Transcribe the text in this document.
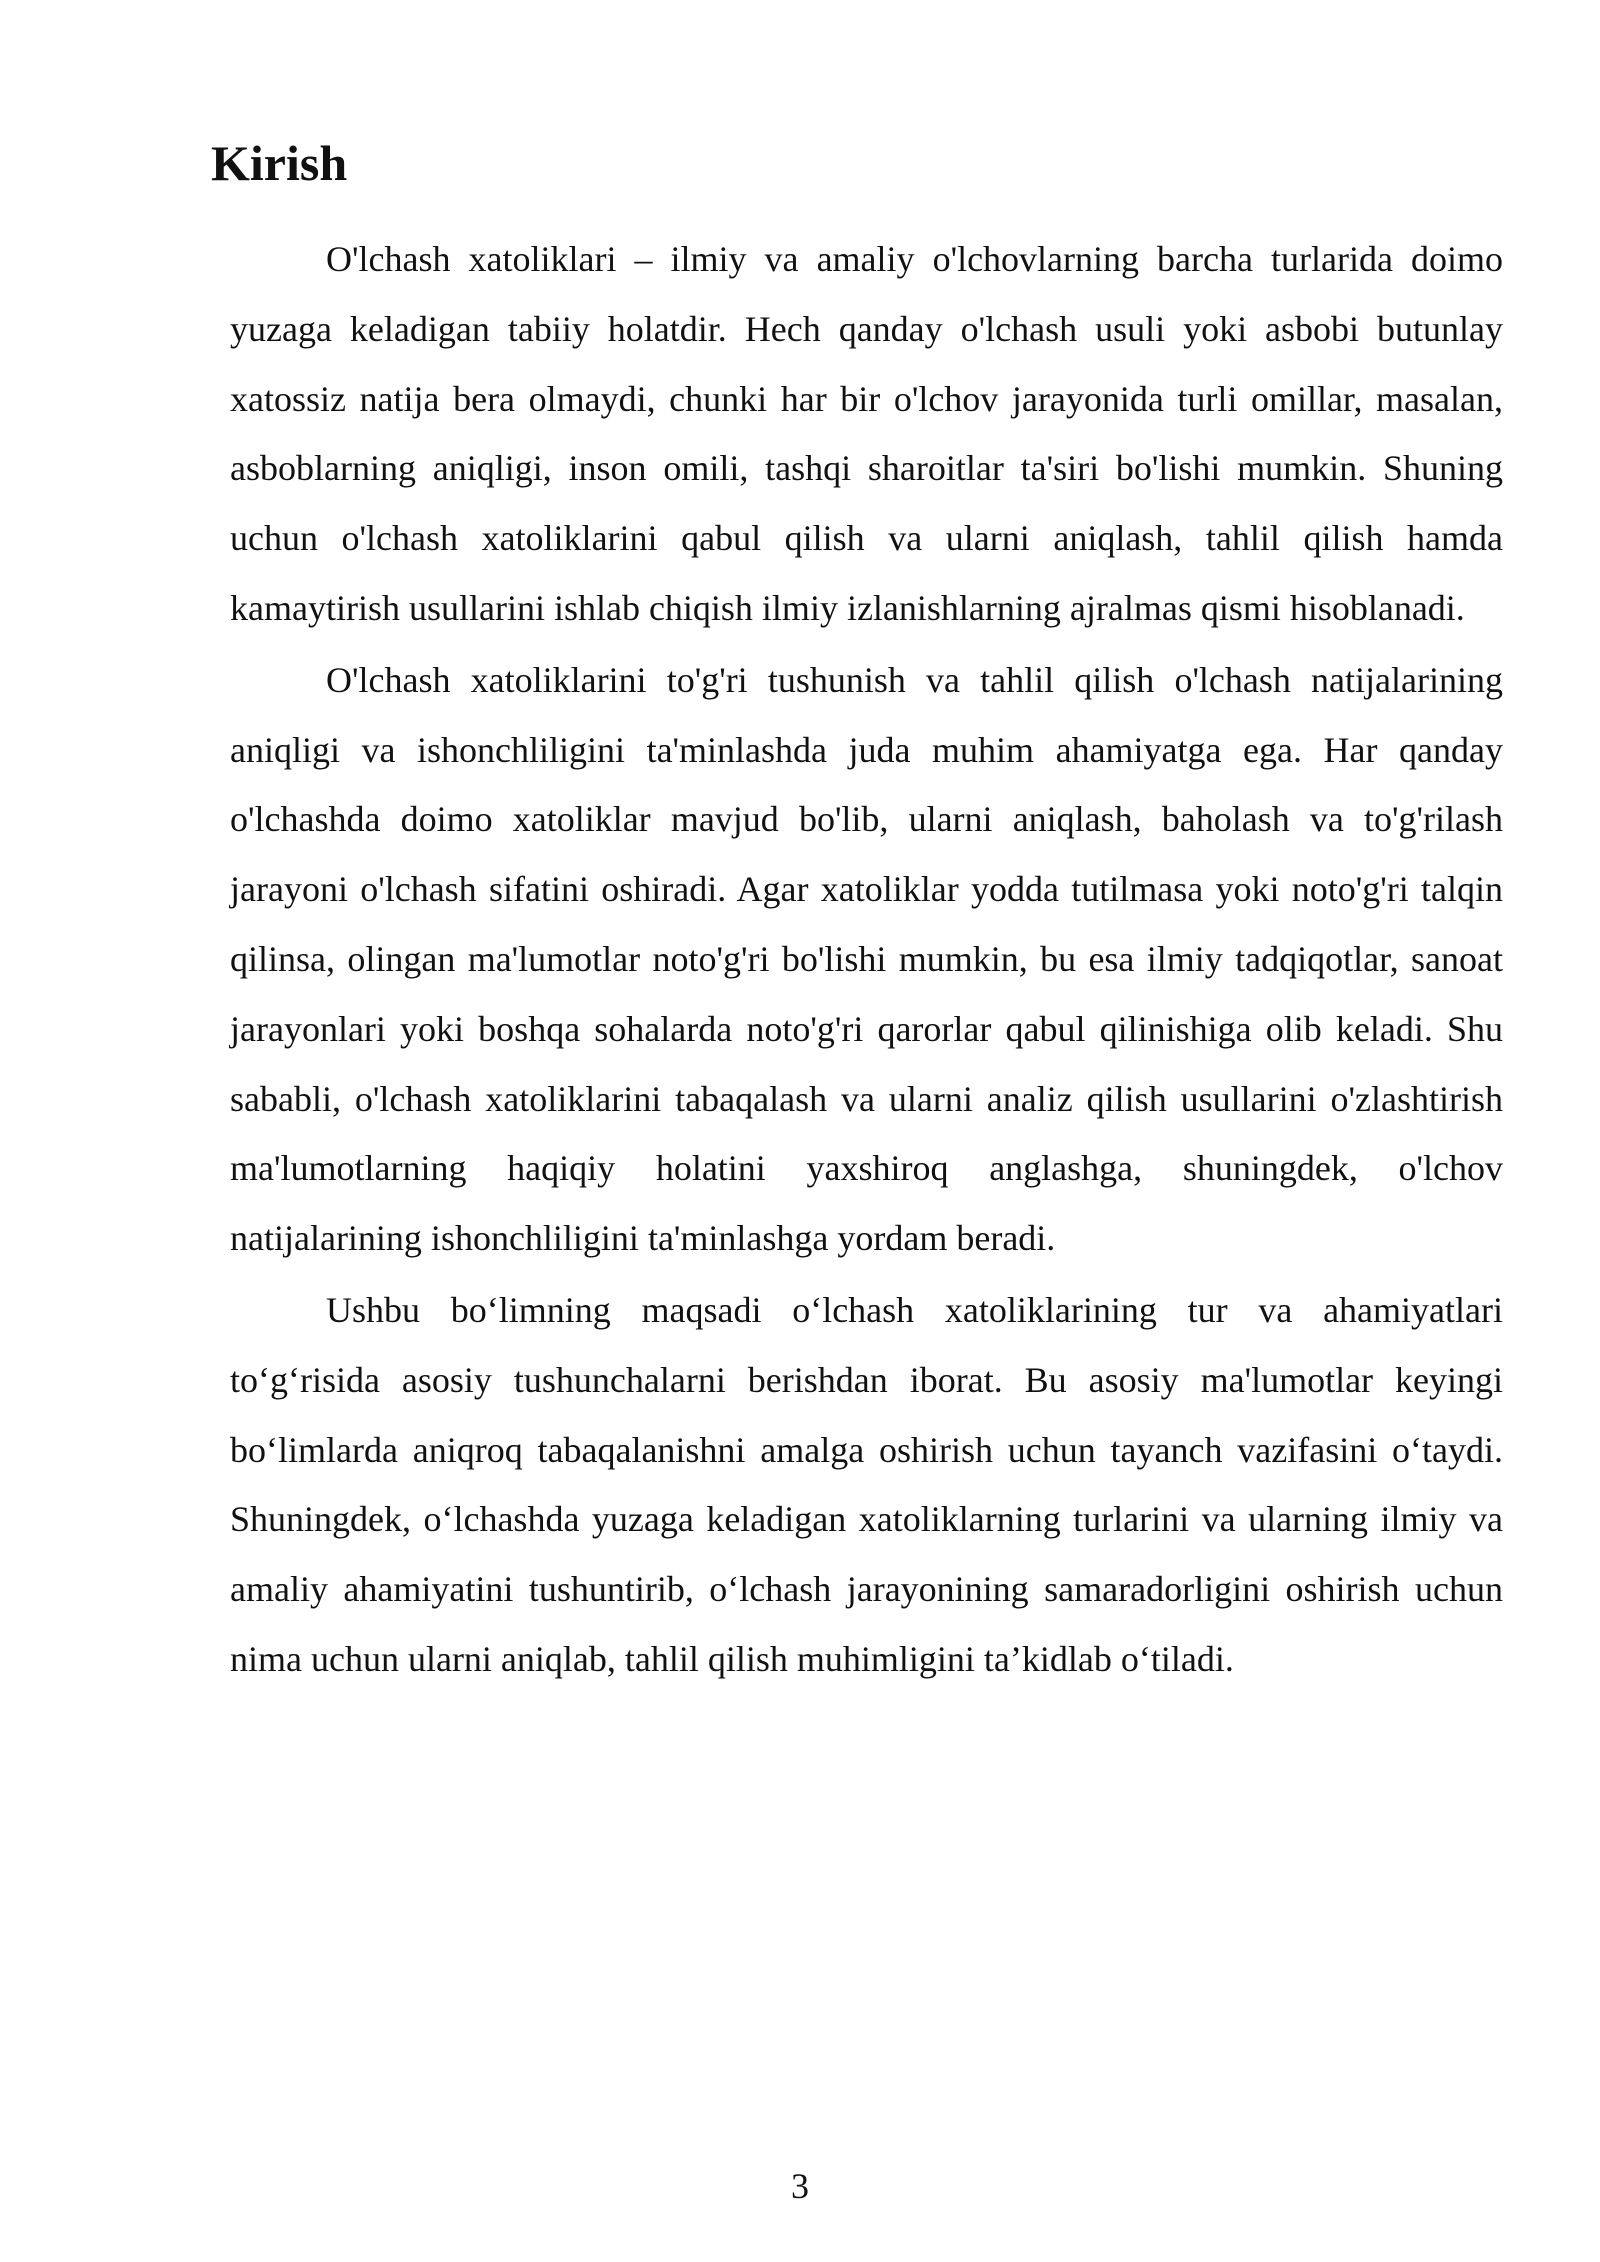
Kirish

O'lchash xatoliklari – ilmiy va amaliy o'lchovlarning barcha turlarida doimo yuzaga keladigan tabiiy holatdir. Hech qanday o'lchash usuli yoki asbobi butunlay xatossiz natija bera olmaydi, chunki har bir o'lchov jarayonida turli omillar, masalan, asboblarning aniqligi, inson omili, tashqi sharoitlar ta'siri bo'lishi mumkin. Shuning uchun o'lchash xatoliklarini qabul qilish va ularni aniqlash, tahlil qilish hamda kamaytirish usullarini ishlab chiqish ilmiy izlanishlarning ajralmas qismi hisoblanadi.

O'lchash xatoliklarini to'g'ri tushunish va tahlil qilish o'lchash natijalarining aniqligi va ishonchliligini ta'minlashda juda muhim ahamiyatga ega. Har qanday o'lchashda doimo xatoliklar mavjud bo'lib, ularni aniqlash, baholash va to'g'rilash jarayoni o'lchash sifatini oshiradi. Agar xatoliklar yodda tutilmasa yoki noto'g'ri talqin qilinsa, olingan ma'lumotlar noto'g'ri bo'lishi mumkin, bu esa ilmiy tadqiqotlar, sanoat jarayonlari yoki boshqa sohalarda noto'g'ri qarorlar qabul qilinishiga olib keladi. Shu sababli, o'lchash xatoliklarini tabaqalash va ularni analiz qilish usullarini o'zlashtirish ma'lumotlarning haqiqiy holatini yaxshiroq anglashga, shuningdek, o'lchov natijalarining ishonchliligini ta'minlashga yordam beradi.

Ushbu bo‘limning maqsadi o‘lchash xatoliklarining tur va ahamiyatlari to‘g‘risida asosiy tushunchalarni berishdan iborat. Bu asosiy ma'lumotlar keyingi bo‘limlarda aniqroq tabaqalanishni amalga oshirish uchun tayanch vazifasini o‘taydi. Shuningdek, o‘lchashda yuzaga keladigan xatoliklarning turlarini va ularning ilmiy va amaliy ahamiyatini tushuntirib, o‘lchash jarayonining samaradorligini oshirish uchun nima uchun ularni aniqlab, tahlil qilish muhimligini ta’kidlab o‘tiladi.

3
